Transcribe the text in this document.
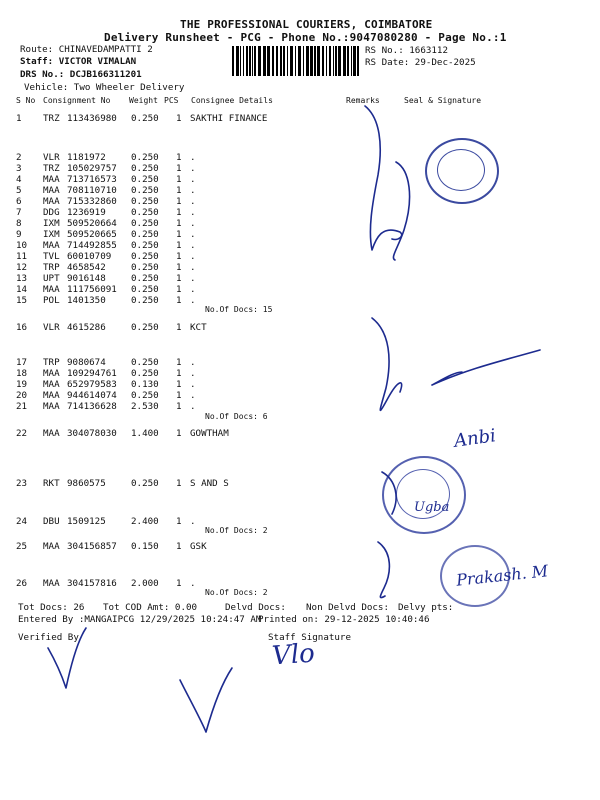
THE PROFESSIONAL COURIERS, COIMBATORE
Delivery Runsheet - PCG - Phone No.:9047080280 - Page No.:1
Route: CHINAVEDAMPATTI 2
Staff: VICTOR VIMALAN
DRS No.: DCJB166311201
Vehicle: Two Wheeler Delivery
RS No.: 1663112
RS Date: 29-Dec-2025
S No Consignment No Weight PCS Consignee Details	Remarks	Seal & Signature
1 TRZ 113436980 0.250 1 SAKTHI FINANCE
2 VLR 1181972	0.250 1 .
3 TRZ 105029757 0.250 1 .
4 MAA 713716573 0.250 1 .
5 MAA 708110710 0.250 1 .
6 MAA 715332860 0.250 1 .
7 DDG 1236919	0.250 1 .
8 IXM 509520664 0.250 1 .
9 IXM 509520665 0.250 1 .
10 MAA 714492855 0.250 1 .
11 TVL 60010709 0.250 1 .
12 TRP 4658542	0.250 1 .
13 UPT 9016148	0.250 1 .
14 MAA 111756091 0.250 1 .
15 POL 1401350	0.250 1 .
16 VLR 4615286	0.250 1 KCT
17 TRP 9080674	0.250 1 .
18 MAA 109294761 0.250 1 .
19 MAA 652979583 0.130 1 .
20 MAA 944614074 0.250 1 .
21 MAA 714136628 2.530 1 .
22 MAA 304078030 1.400 1 GOWTHAM
23 RKT 9860575	0.250 1 S AND S
24 DBU 1509125	2.400 1 .
25 MAA 304156857 0.150 1 GSK
26 MAA 304157816 2.000 1 .
No.Of Docs: 15
No.Of Docs: 6
No.Of Docs: 2
No.Of Docs: 2
Tot Docs: 26 Tot COD Amt: 0.00	Delvd Docs: Non Delvd Docs: Delvy pts:
Entered By :MANGAIPCG 12/29/2025 10:24:47 AM
Printed on: 29-12-2025 10:40:46
Verified By	Staff Signature
Anbi
Ugba
Prakash. M
Vlo
